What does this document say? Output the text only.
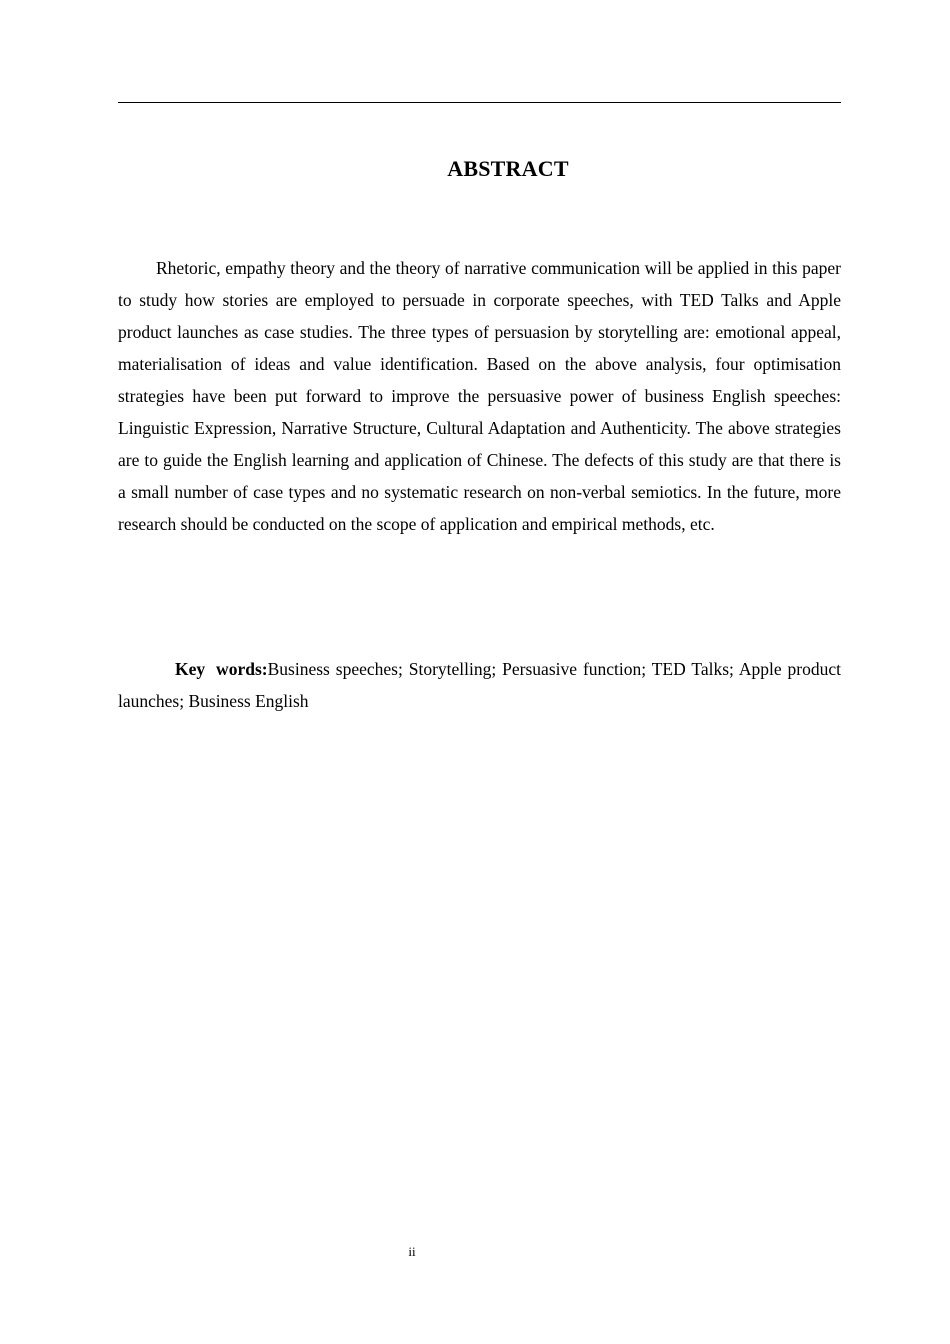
ABSTRACT

Rhetoric, empathy theory and the theory of narrative communication will be applied in this paper to study how stories are employed to persuade in corporate speeches, with TED Talks and Apple product launches as case studies. The three types of persuasion by storytelling are: emotional appeal, materialisation of ideas and value identification. Based on the above analysis, four optimisation strategies have been put forward to improve the persuasive power of business English speeches: Linguistic Expression, Narrative Structure, Cultural Adaptation and Authenticity. The above strategies are to guide the English learning and application of Chinese. The defects of this study are that there is a small number of case types and no systematic research on non-verbal semiotics. In the future, more research should be conducted on the scope of application and empirical methods, etc.

Key words:Business speeches; Storytelling; Persuasive function; TED Talks; Apple product launches; Business English

ii
